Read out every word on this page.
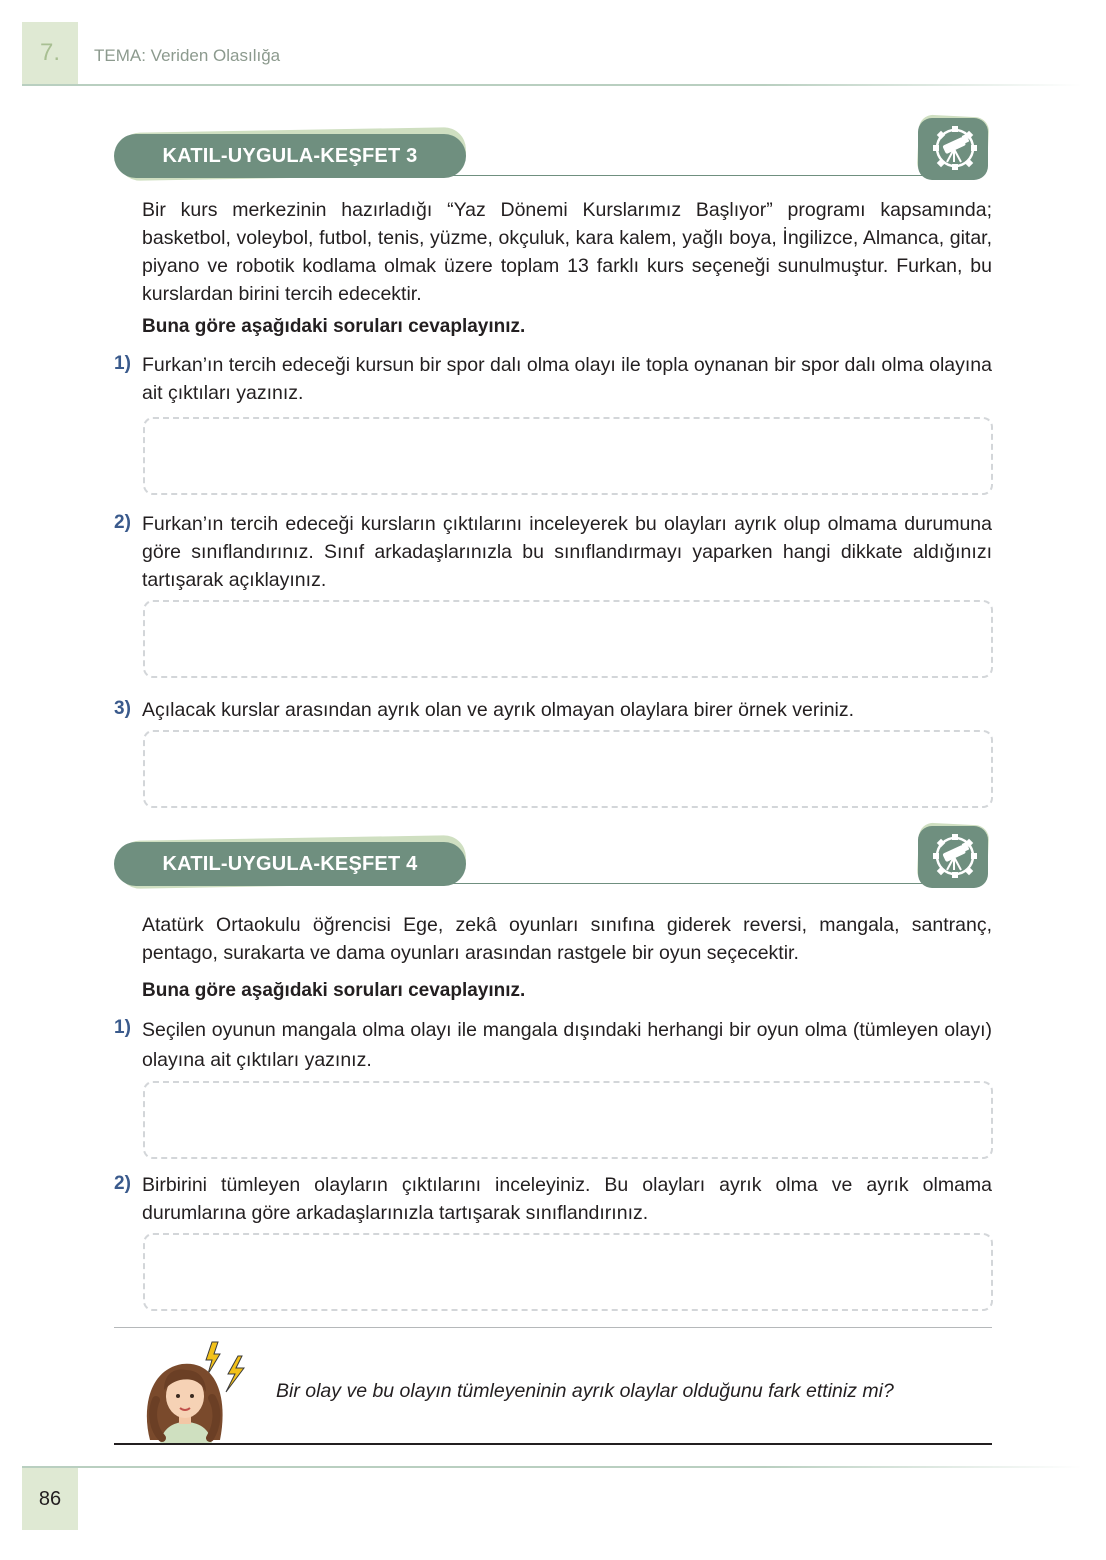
7.	TEMA: Veriden Olasılığa
KATIL-UYGULA-KEŞFET 3
Bir kurs merkezinin hazırladığı “Yaz Dönemi Kurslarımız Başlıyor” programı kapsamında; basketbol, voleybol, futbol, tenis, yüzme, okçuluk, kara kalem, yağlı boya, İngilizce, Almanca, gitar, piyano ve robotik kodlama olmak üzere toplam 13 farklı kurs seçeneği sunulmuştur. Furkan, bu kurslardan birini tercih edecektir.
Buna göre aşağıdaki soruları cevaplayınız.
1) Furkan’ın tercih edeceği kursun bir spor dalı olma olayı ile topla oynanan bir spor dalı olma olayına ait çıktıları yazınız.
2) Furkan’ın tercih edeceği kursların çıktılarını inceleyerek bu olayları ayrık olup olmama durumuna göre sınıflandırınız. Sınıf arkadaşlarınızla bu sınıflandırmayı yaparken hangi dikkate aldığınızı tartışarak açıklayınız.
3) Açılacak kurslar arasından ayrık olan ve ayrık olmayan olaylara birer örnek veriniz.
KATIL-UYGULA-KEŞFET 4
Atatürk Ortaokulu öğrencisi Ege, zekâ oyunları sınıfına giderek reversi, mangala, santranç, pentago, surakarta ve dama oyunları arasından rastgele bir oyun seçecektir.
Buna göre aşağıdaki soruları cevaplayınız.
1) Seçilen oyunun mangala olma olayı ile mangala dışındaki herhangi bir oyun olma (tümleyen olayı) olayına ait çıktıları yazınız.
2) Birbirini tümleyen olayların çıktılarını inceleyiniz. Bu olayları ayrık olma ve ayrık olmama durumlarına göre arkadaşlarınızla tartışarak sınıflandırınız.
Bir olay ve bu olayın tümleyeninin ayrık olaylar olduğunu fark ettiniz mi?
86
